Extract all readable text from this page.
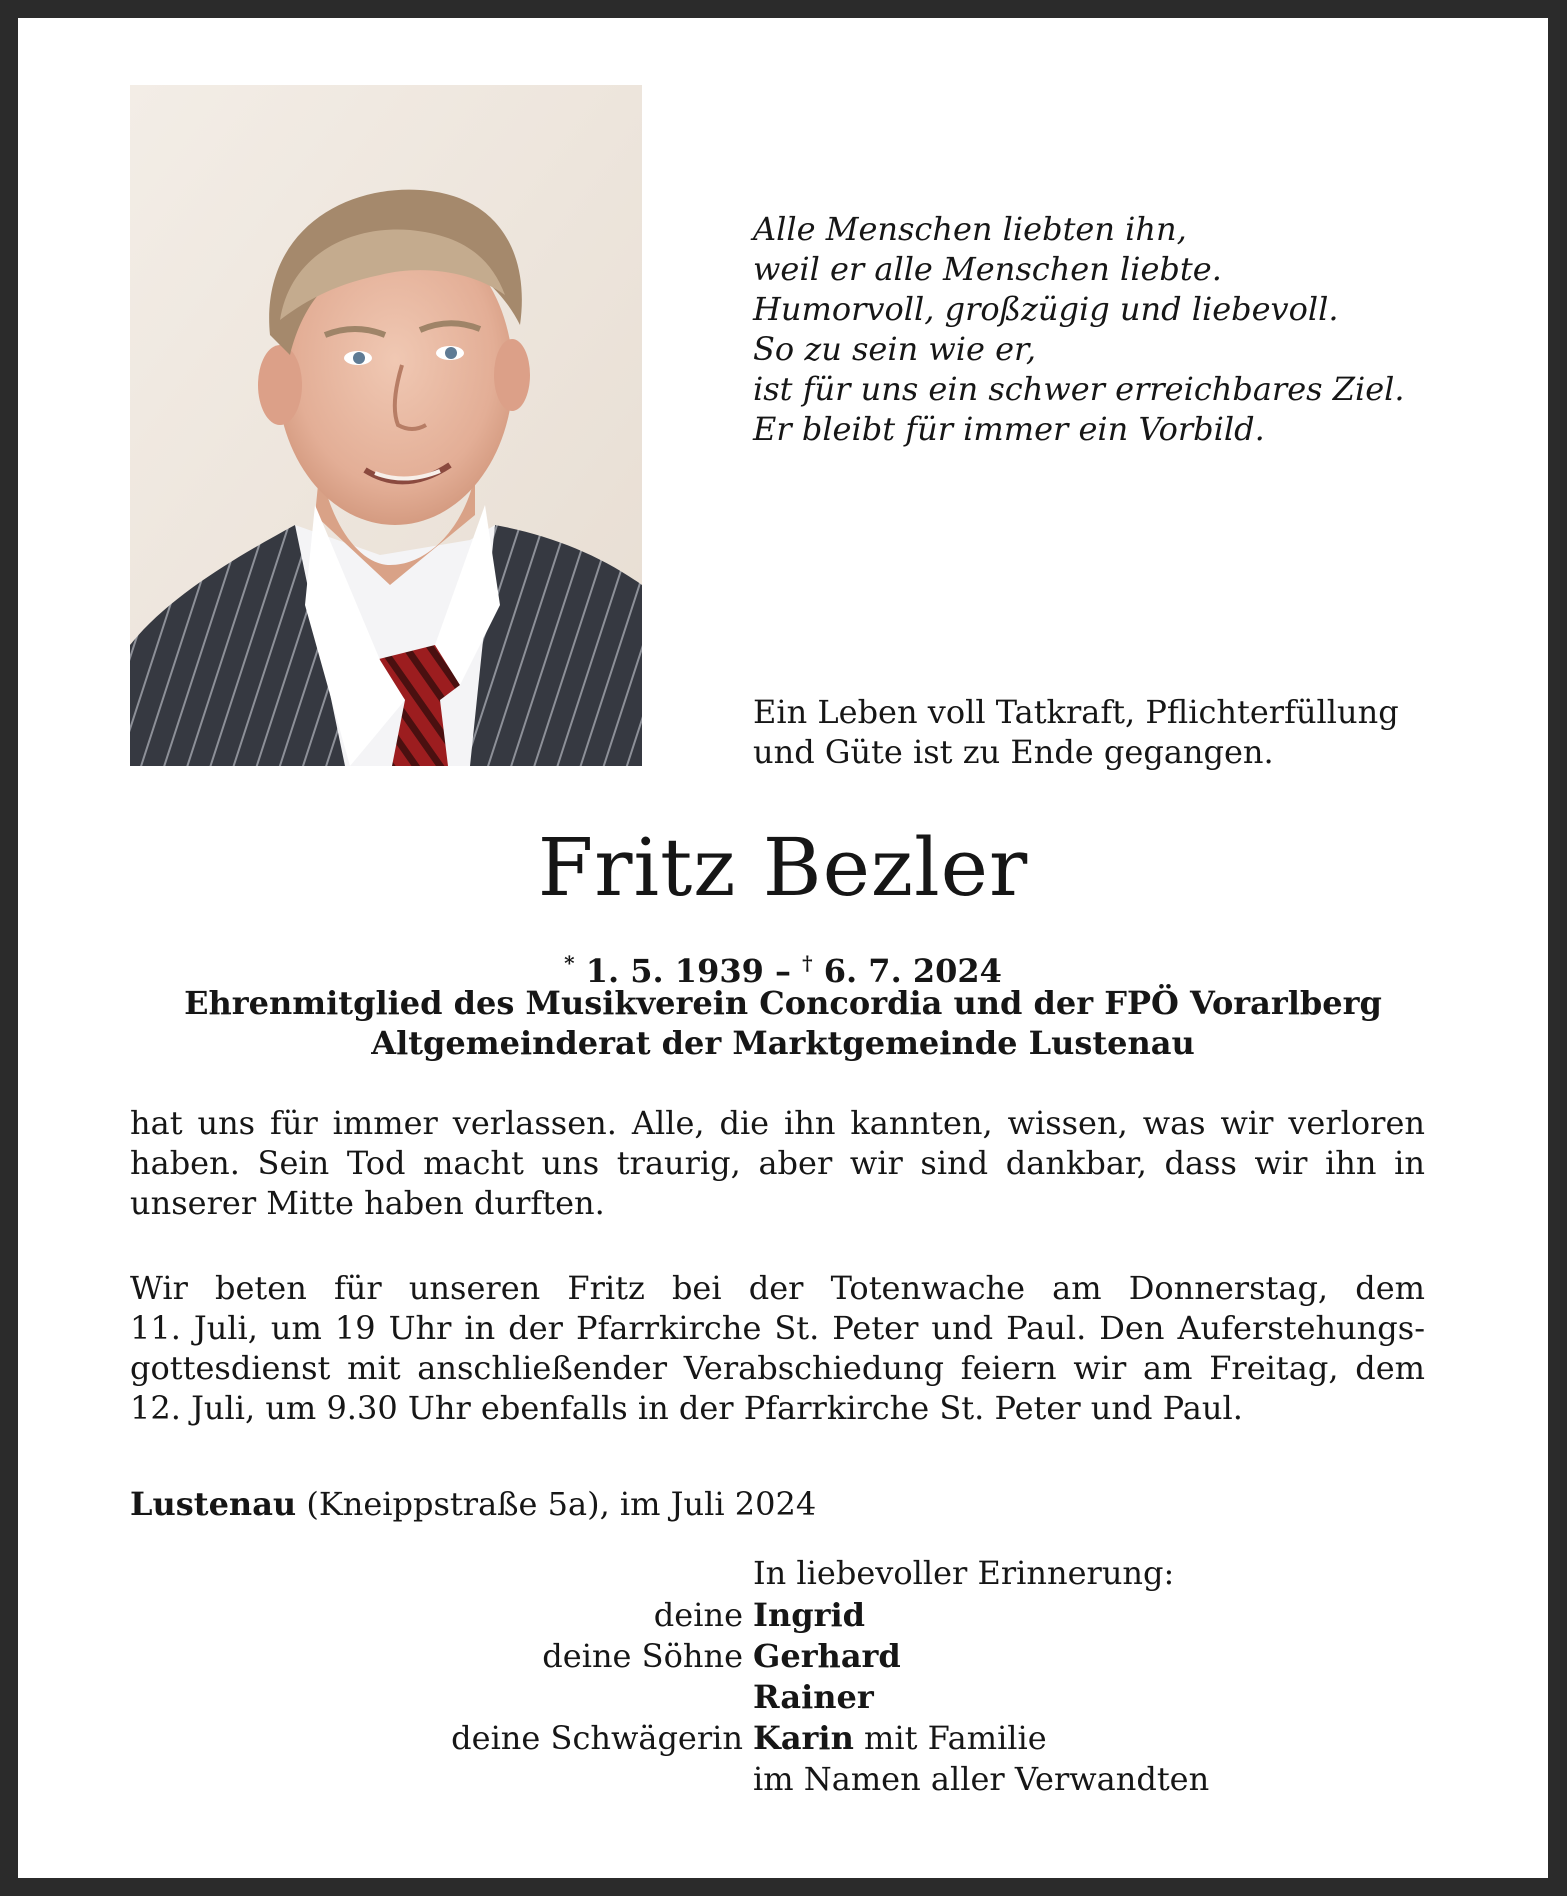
Alle Menschen liebten ihn,
weil er alle Menschen liebte.
Humorvoll, großzügig und liebevoll.
So zu sein wie er,
ist für uns ein schwer erreichbares Ziel.
Er bleibt für immer ein Vorbild.
Ein Leben voll Tatkraft, Pflichterfüllung
und Güte ist zu Ende gegangen.
Fritz Bezler
* 1. 5. 1939 – † 6. 7. 2024
Ehrenmitglied des Musikverein Concordia und der FPÖ Vorarlberg
Altgemeinderat der Marktgemeinde Lustenau
hat uns für immer verlassen. Alle, die ihn kannten, wissen, was wir verloren
haben. Sein Tod macht uns traurig, aber wir sind dankbar, dass wir ihn in
unserer Mitte haben durften.
Wir beten für unseren Fritz bei der Totenwache am Donnerstag, dem
11. Juli, um 19 Uhr in der Pfarrkirche St. Peter und Paul. Den Auferstehungs-
gottesdienst mit anschließender Verabschiedung feiern wir am Freitag, dem
12. Juli, um 9.30 Uhr ebenfalls in der Pfarrkirche St. Peter und Paul.
Lustenau (Kneippstraße 5a), im Juli 2024
In liebevoller Erinnerung:
deine Ingrid
deine Söhne Gerhard
Rainer
deine Schwägerin Karin mit Familie
im Namen aller Verwandten
